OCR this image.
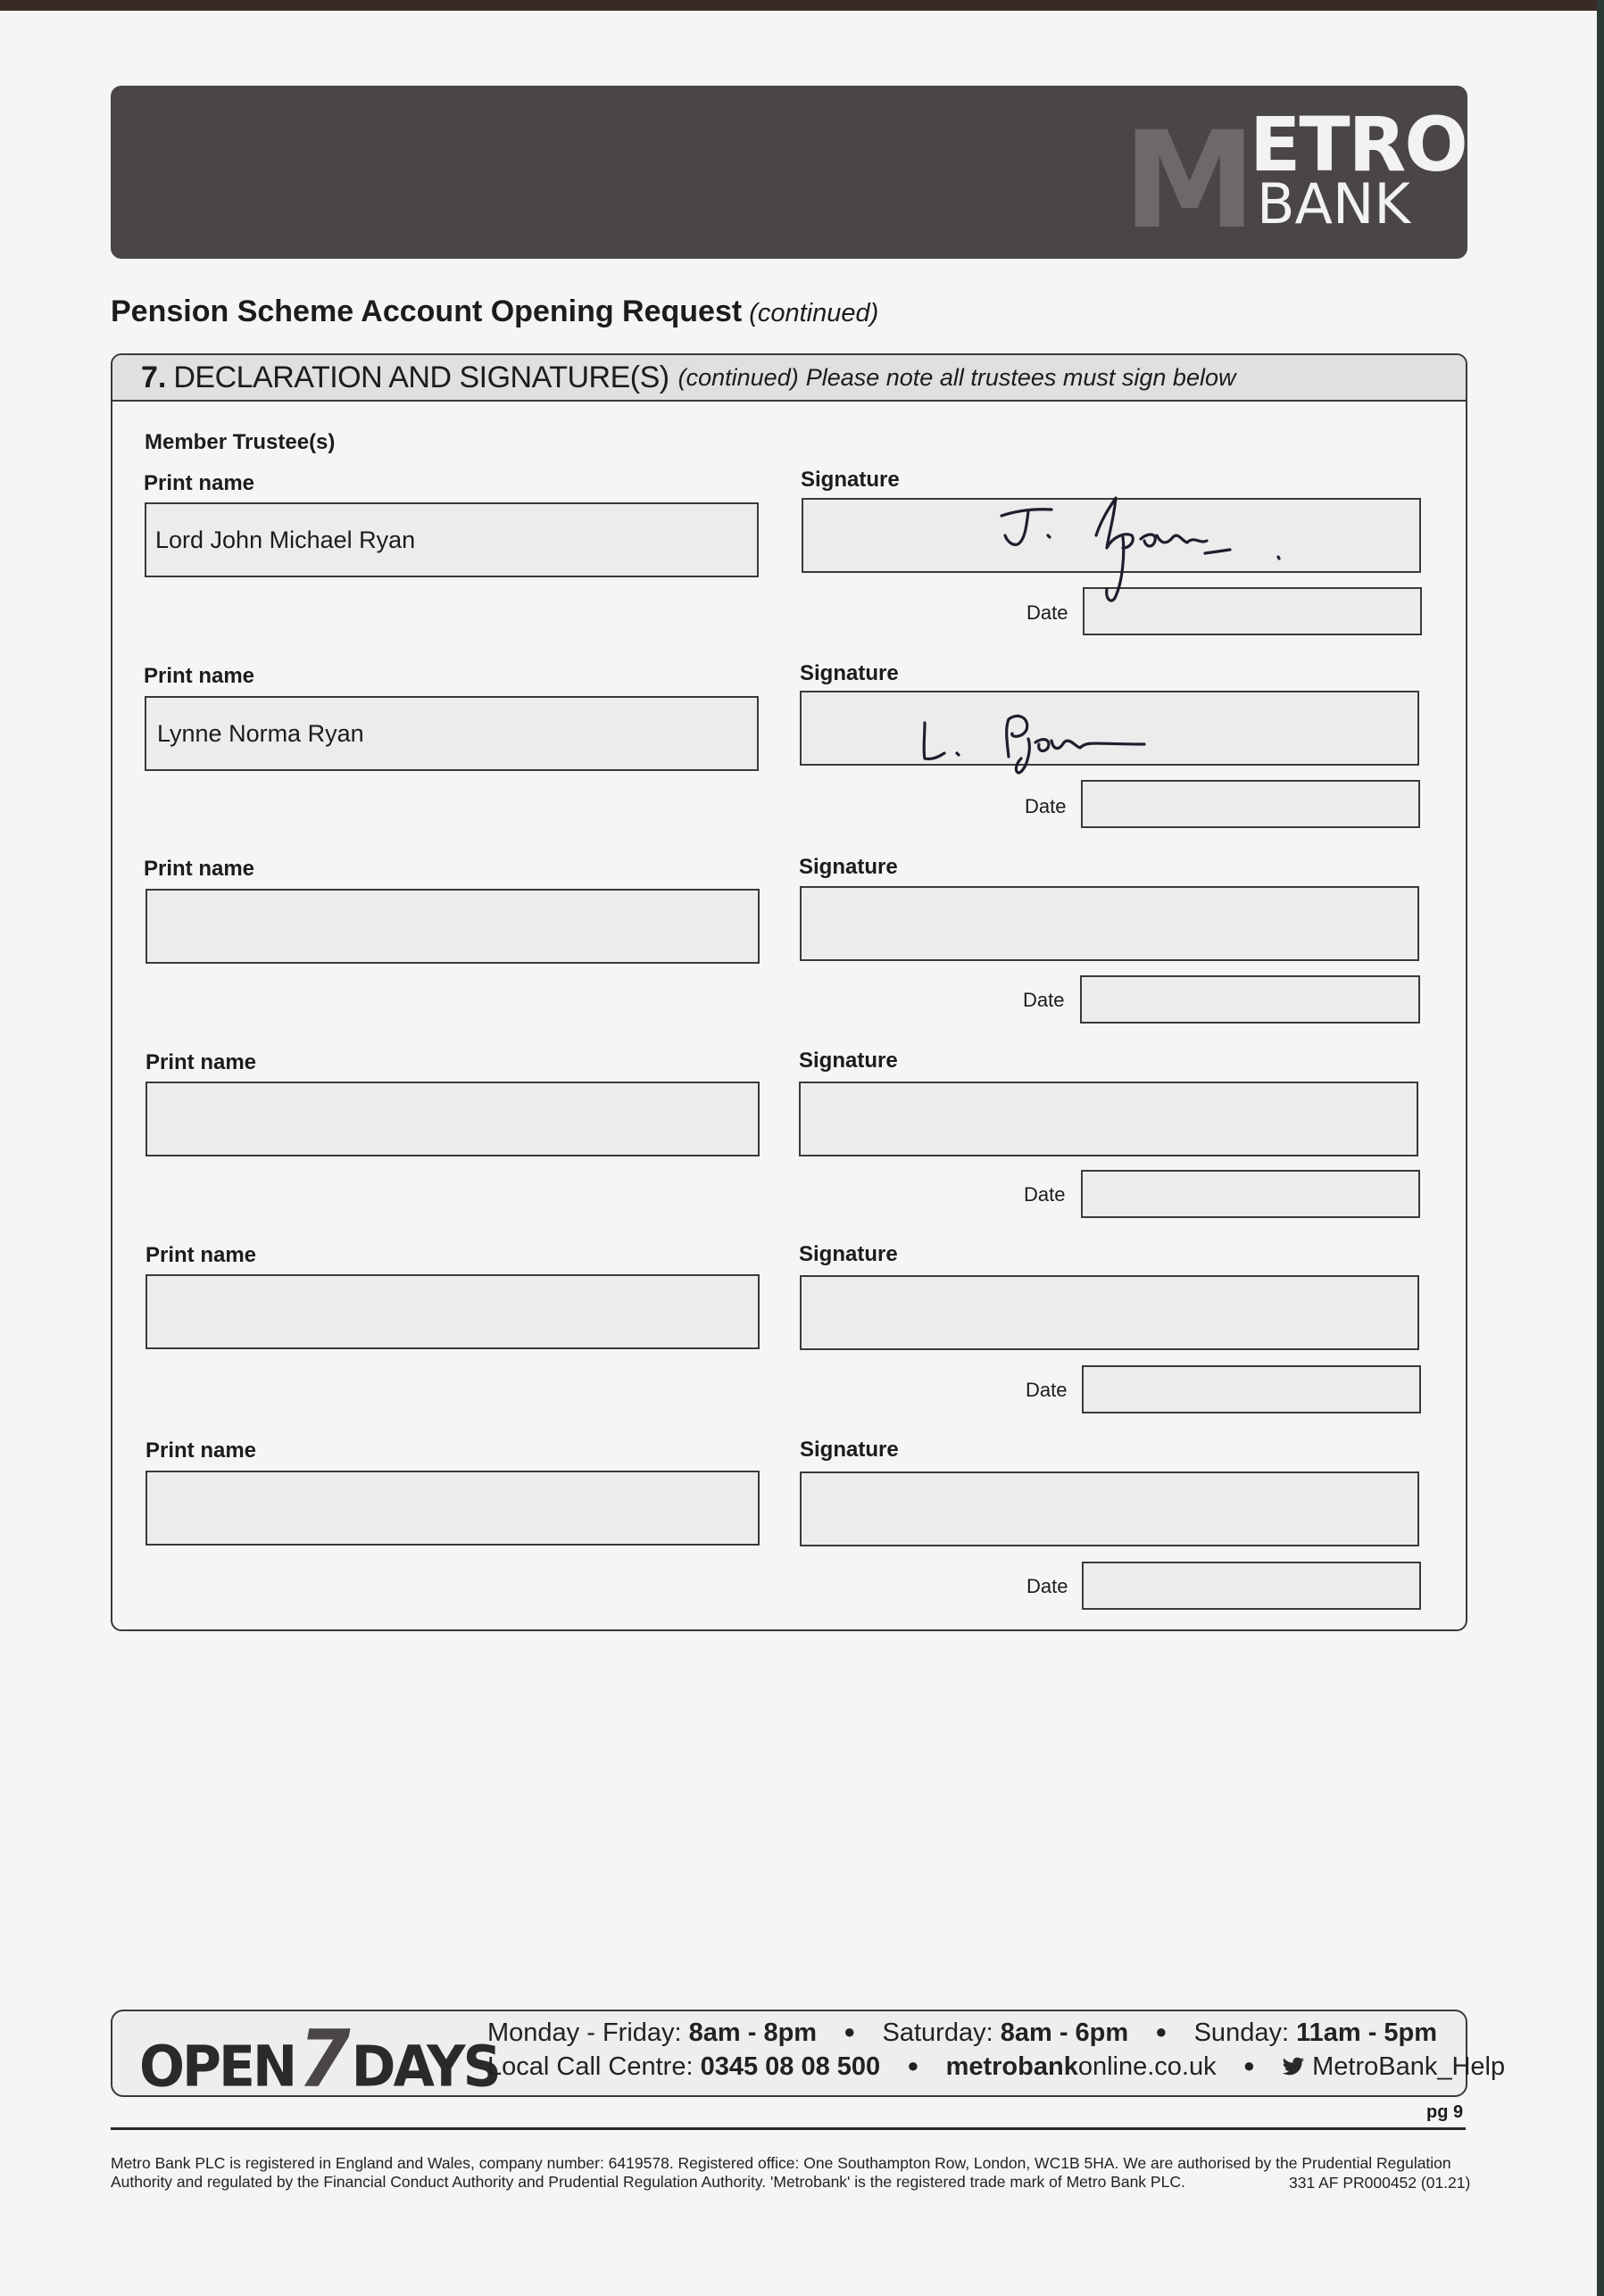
M
ETRO
BANK
Pension Scheme Account Opening Request (continued)
7. DECLARATION AND SIGNATURE(S) (continued) Please note all trustees must sign below
Member Trustee(s)
Print name	Signature
Lord John Michael Ryan
Date
Print name	Signature
Lynne Norma Ryan
Date
Print name	Signature
Date
Print name	Signature
Date
Print name	Signature
Date
Print name	Signature
Date
OPEN7DAYS
Monday - Friday: 8am - 8pm ● Saturday: 8am - 6pm ● Sunday: 11am - 5pm
Local Call Centre: 0345 08 08 500 ● metrobankonline.co.uk ● MetroBank_Help
pg 9
Metro Bank PLC is registered in England and Wales, company number: 6419578. Registered office: One Southampton Row, London, WC1B 5HA. We are authorised by the Prudential Regulation Authority and regulated by the Financial Conduct Authority and Prudential Regulation Authority. 'Metrobank' is the registered trade mark of Metro Bank PLC.	331 AF PR000452 (01.21)
